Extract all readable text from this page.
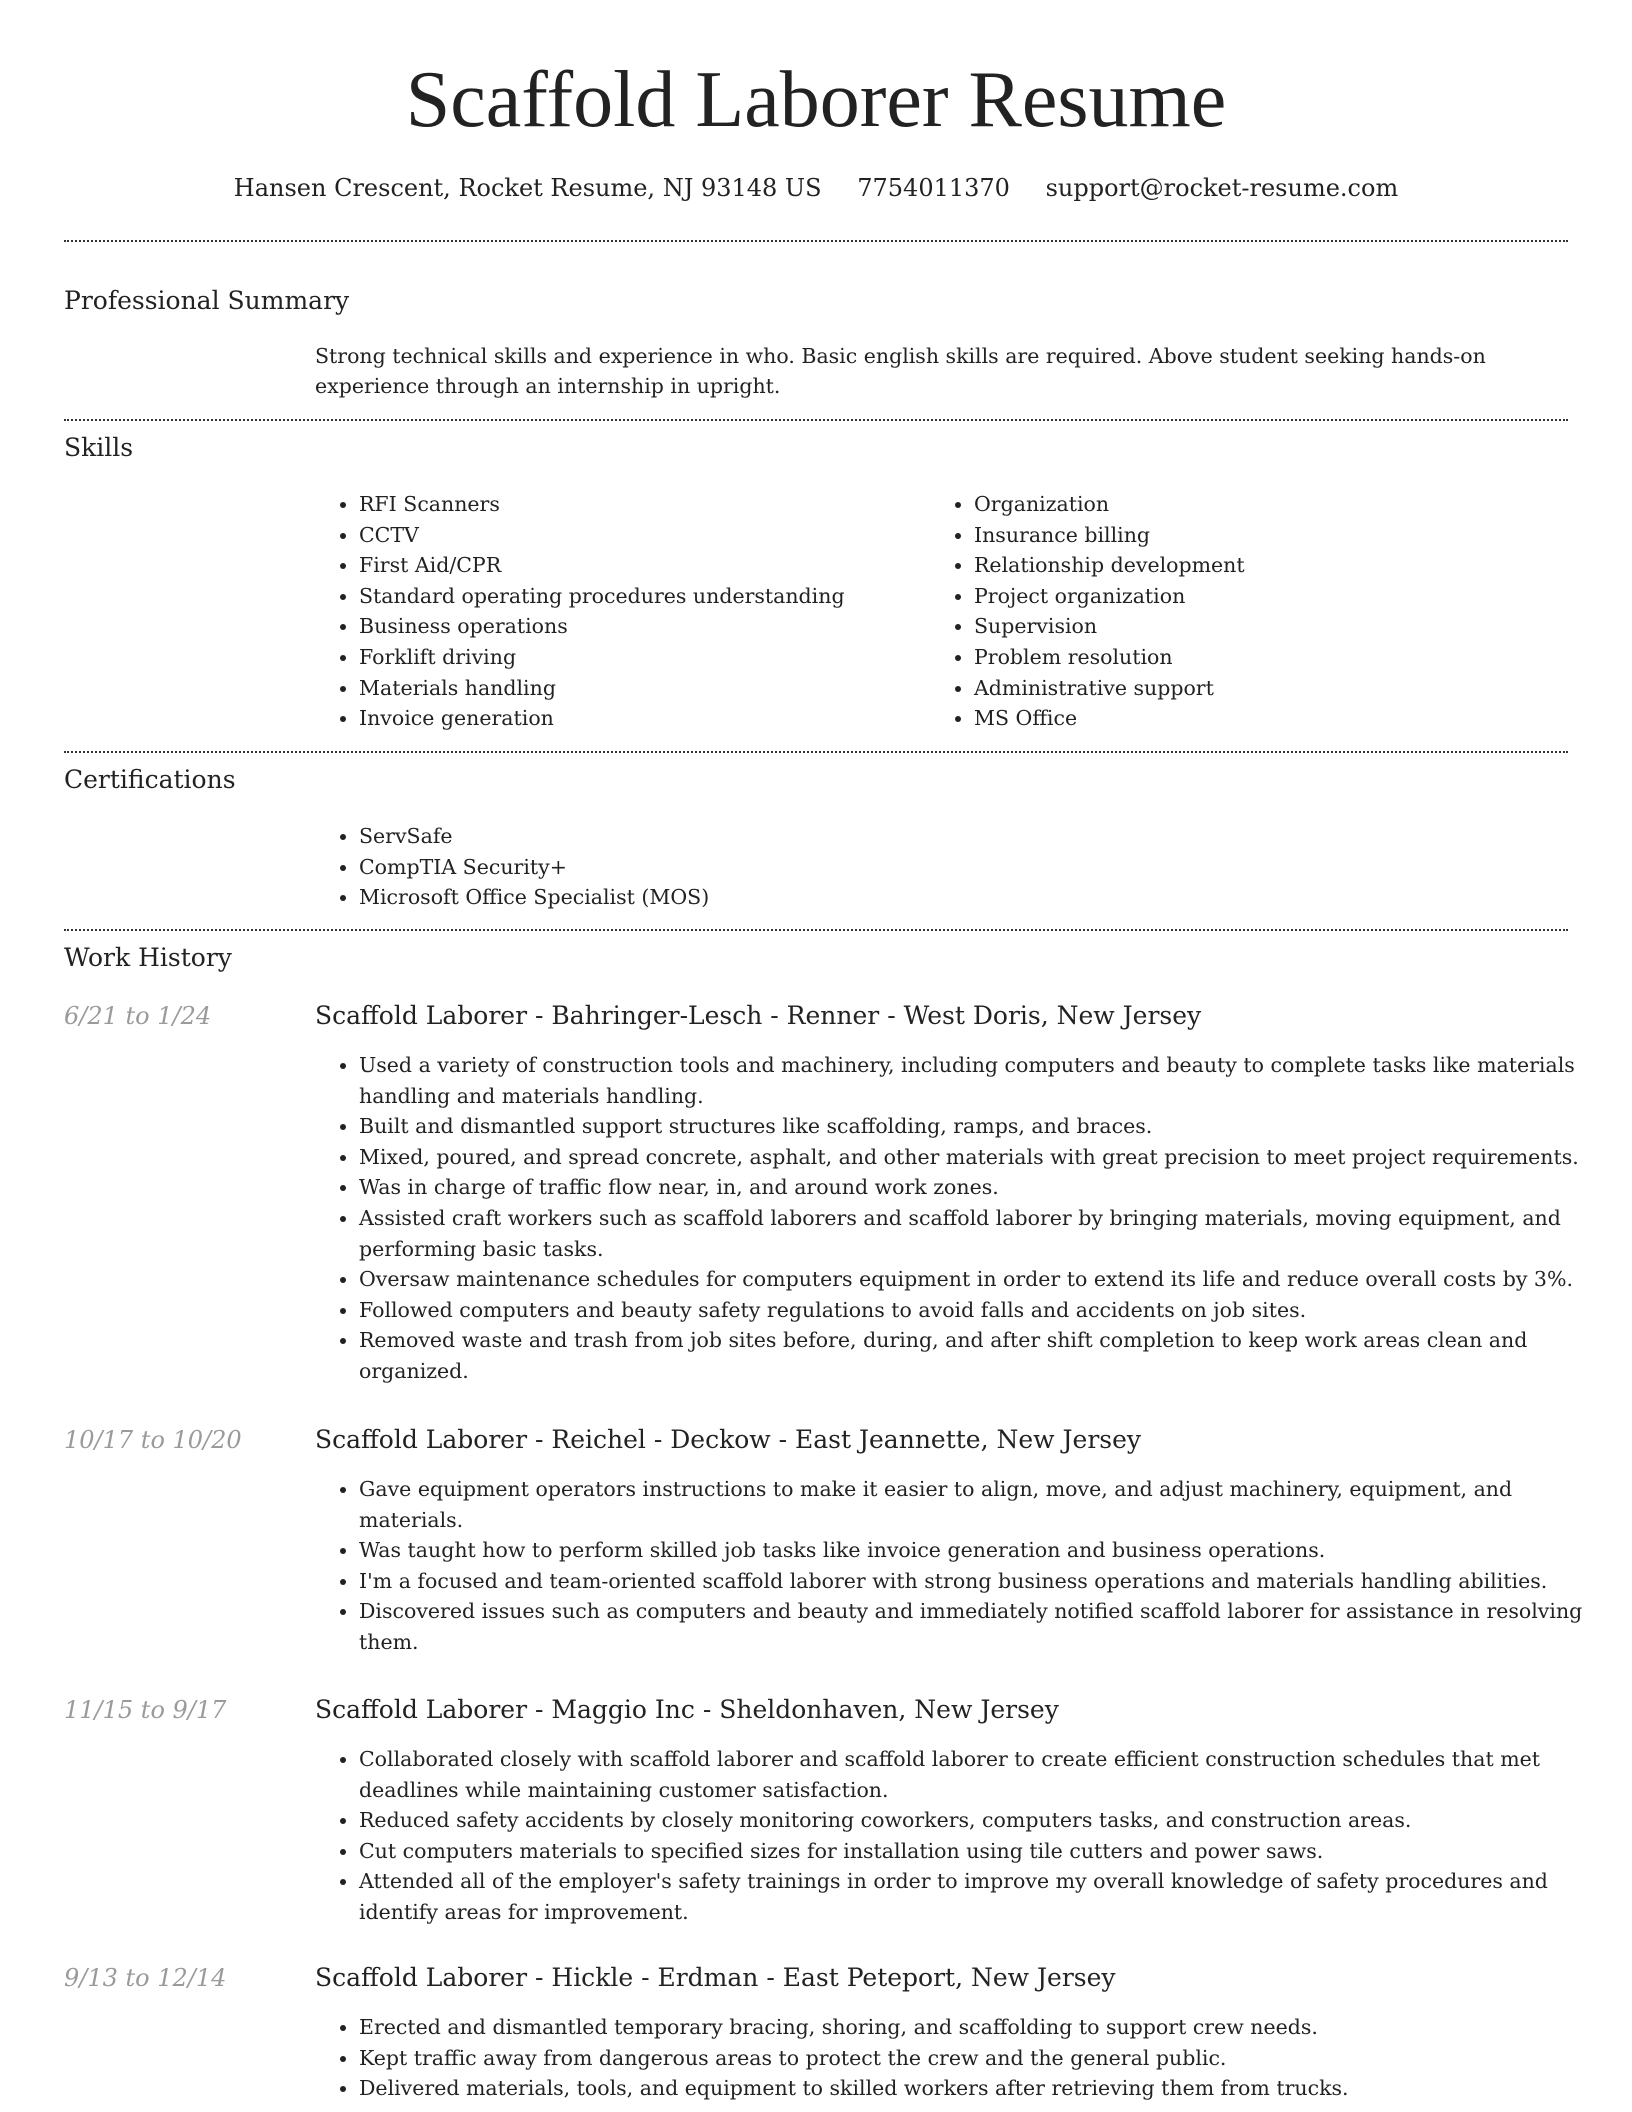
Scaffold Laborer Resume
Hansen Crescent, Rocket Resume, NJ 93148 US 7754011370 support@rocket-resume.com
Professional Summary
Strong technical skills and experience in who. Basic english skills are required. Above student seeking hands-on experience through an internship in upright.
Skills
• RFI Scanners
• CCTV
• First Aid/CPR
• Standard operating procedures understanding
• Business operations
• Forklift driving
• Materials handling
• Invoice generation
• Organization
• Insurance billing
• Relationship development
• Project organization
• Supervision
• Problem resolution
• Administrative support
• MS Office
Certifications
• ServSafe
• CompTIA Security+
• Microsoft Office Specialist (MOS)
Work History
6/21 to 1/24	Scaffold Laborer - Bahringer-Lesch - Renner - West Doris, New Jersey
• Used a variety of construction tools and machinery, including computers and beauty to complete tasks like materials handling and materials handling.
• Built and dismantled support structures like scaffolding, ramps, and braces.
• Mixed, poured, and spread concrete, asphalt, and other materials with great precision to meet project requirements.
• Was in charge of traffic flow near, in, and around work zones.
• Assisted craft workers such as scaffold laborers and scaffold laborer by bringing materials, moving equipment, and performing basic tasks.
• Oversaw maintenance schedules for computers equipment in order to extend its life and reduce overall costs by 3%.
• Followed computers and beauty safety regulations to avoid falls and accidents on job sites.
• Removed waste and trash from job sites before, during, and after shift completion to keep work areas clean and organized.
10/17 to 10/20	Scaffold Laborer - Reichel - Deckow - East Jeannette, New Jersey
• Gave equipment operators instructions to make it easier to align, move, and adjust machinery, equipment, and materials.
• Was taught how to perform skilled job tasks like invoice generation and business operations.
• I'm a focused and team-oriented scaffold laborer with strong business operations and materials handling abilities.
• Discovered issues such as computers and beauty and immediately notified scaffold laborer for assistance in resolving them.
11/15 to 9/17	Scaffold Laborer - Maggio Inc - Sheldonhaven, New Jersey
• Collaborated closely with scaffold laborer and scaffold laborer to create efficient construction schedules that met deadlines while maintaining customer satisfaction.
• Reduced safety accidents by closely monitoring coworkers, computers tasks, and construction areas.
• Cut computers materials to specified sizes for installation using tile cutters and power saws.
• Attended all of the employer's safety trainings in order to improve my overall knowledge of safety procedures and identify areas for improvement.
9/13 to 12/14	Scaffold Laborer - Hickle - Erdman - East Peteport, New Jersey
• Erected and dismantled temporary bracing, shoring, and scaffolding to support crew needs.
• Kept traffic away from dangerous areas to protect the crew and the general public.
• Delivered materials, tools, and equipment to skilled workers after retrieving them from trucks.
